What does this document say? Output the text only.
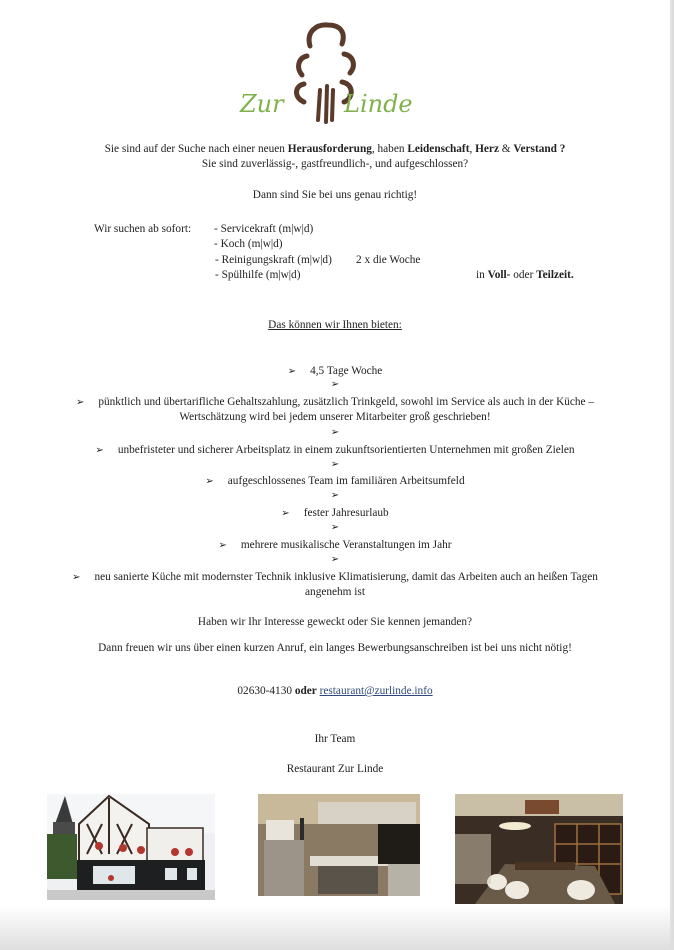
Zur	Linde
Sie sind auf der Suche nach einer neuen Herausforderung, haben Leidenschaft, Herz & Verstand ?
Sie sind zuverlässig-, gastfreundlich-, und aufgeschlossen?
Dann sind Sie bei uns genau richtig!
Wir suchen ab sofort: - Servicekraft (m|w|d)
- Koch (m|w|d)
- Reinigungskraft (m|w|d) 2 x die Woche
- Spülhilfe (m|w|d)	in Voll- oder Teilzeit.
Das können wir Ihnen bieten:
➢ 4,5 Tage Woche
➢
➢ pünktlich und übertarifliche Gehaltszahlung, zusätzlich Trinkgeld, sowohl im Service als auch in der Küche –
Wertschätzung wird bei jedem unserer Mitarbeiter groß geschrieben!
➢
➢ unbefristeter und sicherer Arbeitsplatz in einem zukunftsorientierten Unternehmen mit großen Zielen
➢
➢ aufgeschlossenes Team im familiären Arbeitsumfeld
➢
➢ fester Jahresurlaub
➢
➢ mehrere musikalische Veranstaltungen im Jahr
➢
➢ neu sanierte Küche mit modernster Technik inklusive Klimatisierung, damit das Arbeiten auch an heißen Tagen
angenehm ist
Haben wir Ihr Interesse geweckt oder Sie kennen jemanden?
Dann freuen wir uns über einen kurzen Anruf, ein langes Bewerbungsanschreiben ist bei uns nicht nötig!
02630-4130 oder restaurant@zurlinde.info
Ihr Team
Restaurant Zur Linde
